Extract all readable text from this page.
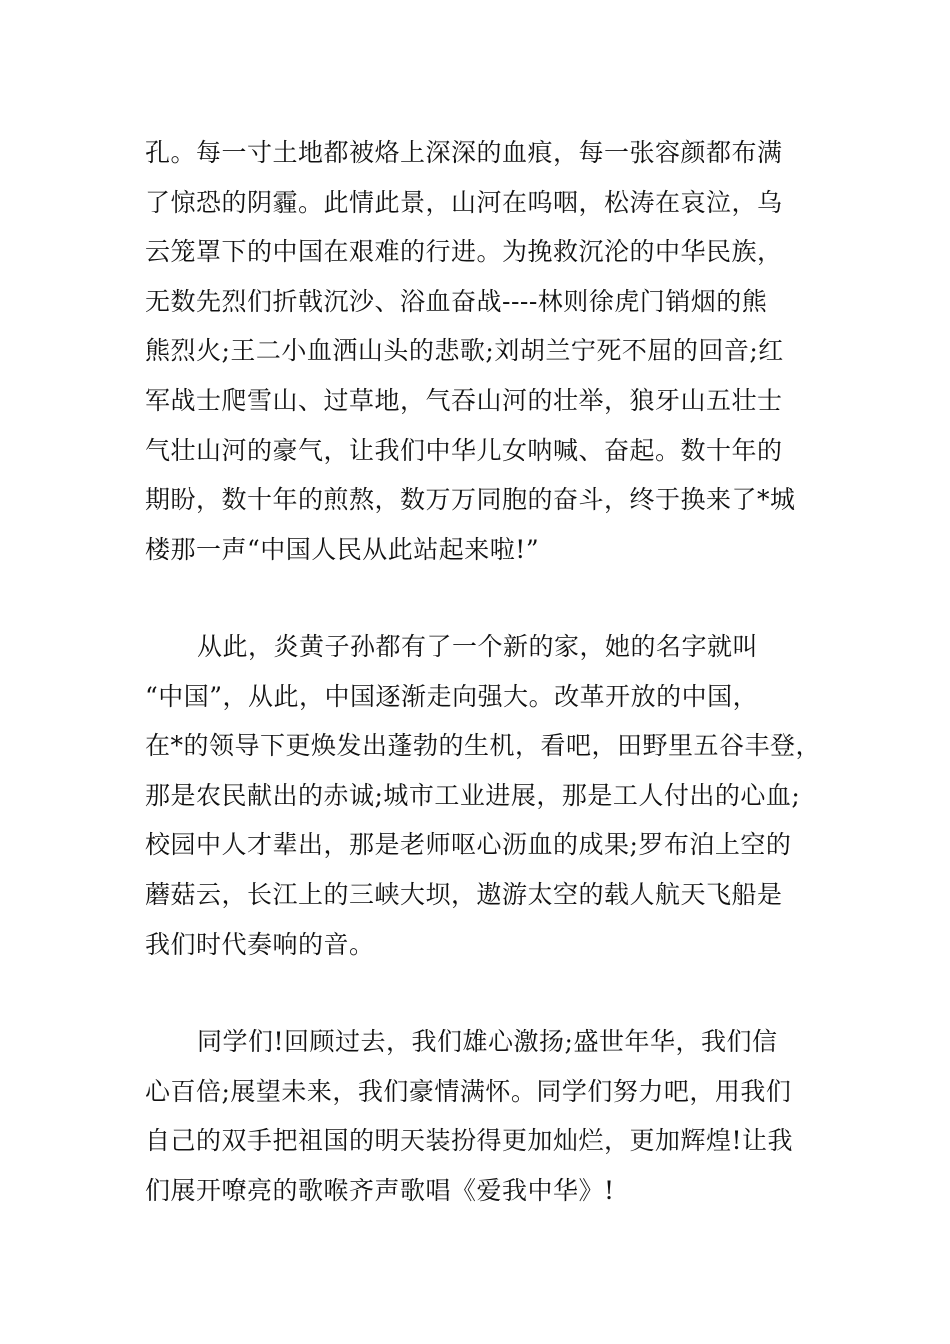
孔。每一寸土地都被烙上深深的血痕，每一张容颜都布满
了惊恐的阴霾。此情此景，山河在呜咽，松涛在哀泣，乌
云笼罩下的中国在艰难的行进。为挽救沉沦的中华民族，
无数先烈们折戟沉沙、浴血奋战----林则徐虎门销烟的熊
熊烈火;王二小血洒山头的悲歌;刘胡兰宁死不屈的回音;红
军战士爬雪山、过草地，气吞山河的壮举，狼牙山五壮士
气壮山河的豪气，让我们中华儿女呐喊、奋起。数十年的
期盼，数十年的煎熬，数万万同胞的奋斗，终于换来了*城
楼那一声“中国人民从此站起来啦!”
从此，炎黄子孙都有了一个新的家，她的名字就叫
“中国”，从此，中国逐渐走向强大。改革开放的中国，
在*的领导下更焕发出蓬勃的生机，看吧，田野里五谷丰登，
那是农民献出的赤诚;城市工业进展，那是工人付出的心血;
校园中人才辈出，那是老师呕心沥血的成果;罗布泊上空的
蘑菇云，长江上的三峡大坝，遨游太空的载人航天飞船是
我们时代奏响的音。
同学们!回顾过去，我们雄心激扬;盛世年华，我们信
心百倍;展望未来，我们豪情满怀。同学们努力吧，用我们
自己的双手把祖国的明天装扮得更加灿烂，更加辉煌!让我
们展开嘹亮的歌喉齐声歌唱《爱我中华》!
